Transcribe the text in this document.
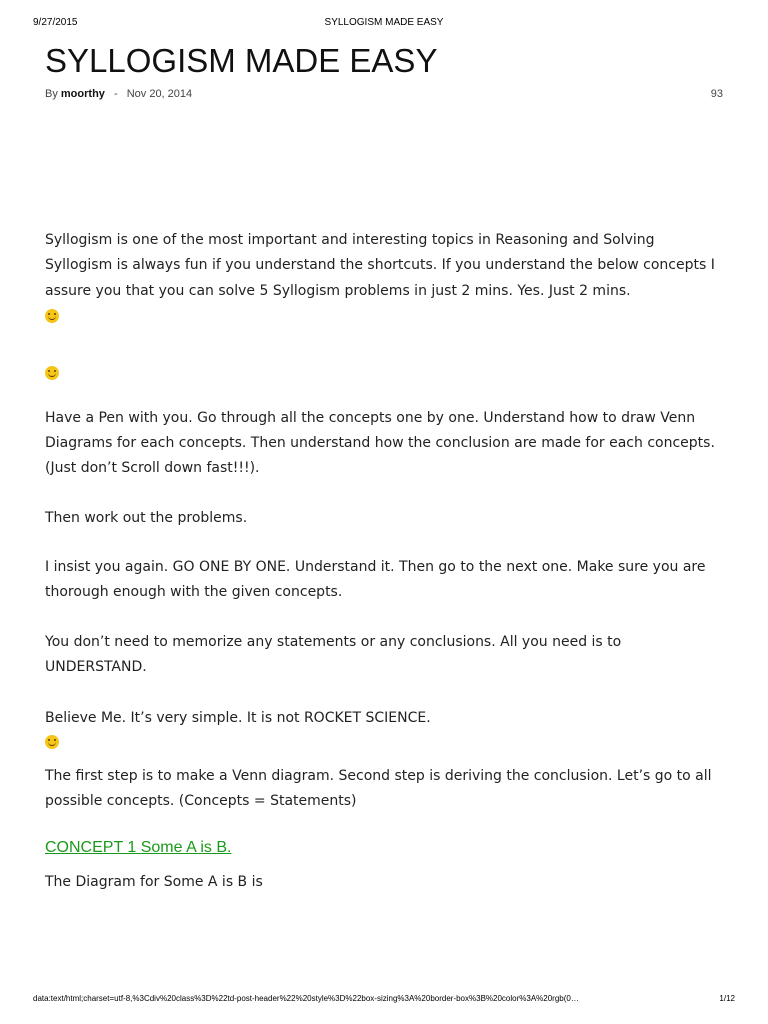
9/27/2015	SYLLOGISM MADE EASY
SYLLOGISM MADE EASY
By moorthy - Nov 20, 2014	93

Syllogism is one of the most important and interesting topics in Reasoning and Solving Syllogism is always fun if you understand the shortcuts. If you understand the below concepts I assure you that you can solve 5 Syllogism problems in just 2 mins. Yes. Just 2 mins.

Have a Pen with you. Go through all the concepts one by one. Understand how to draw Venn Diagrams for each concepts. Then understand how the conclusion are made for each concepts.(Just don’t Scroll down fast!!!).

Then work out the problems.

I insist you again. GO ONE BY ONE. Understand it. Then go to the next one. Make sure you are thorough enough with the given concepts.

You don’t need to memorize any statements or any conclusions. All you need is to UNDERSTAND.

Believe Me. It’s very simple. It is not ROCKET SCIENCE.

The first step is to make a Venn diagram. Second step is deriving the conclusion. Let’s go to all possible concepts. (Concepts = Statements)

CONCEPT 1 Some A is B.

The Diagram for Some A is B is

data:text/html;charset=utf-8,%3Cdiv%20class%3D%22td-post-header%22%20style%3D%22box-sizing%3A%20border-box%3B%20color%3A%20rgb(0…	1/12
